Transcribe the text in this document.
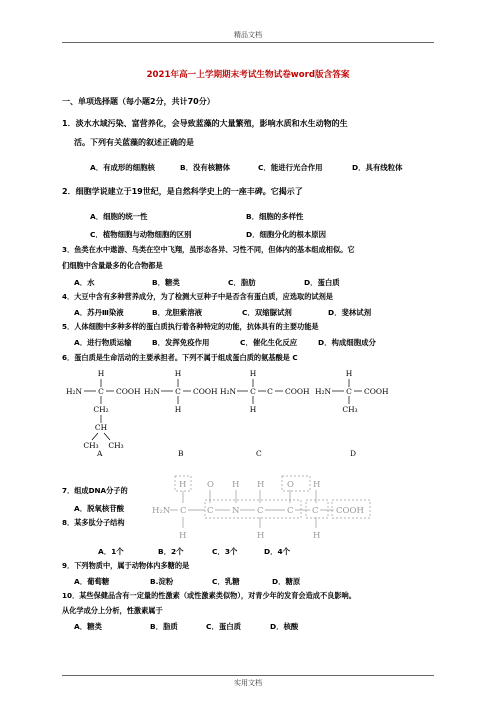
精品文档
2021年高一上学期期末考试生物试卷word版含答案
一、单项选择题（每小题2分，共计70分）
1．淡水水域污染、富营养化，会导致蓝藻的大量繁殖，影响水质和水生动物的生
活。下列有关蓝藻的叙述正确的是
A．有成形的细胞核	B．没有核糖体	C．能进行光合作用	D．具有线粒体
2．细胞学说建立于19世纪，是自然科学史上的一座丰碑。它揭示了
A．细胞的统一性	B．细胞的多样性
C．植物细胞与动物细胞的区别	D．细胞分化的根本原因
3．鱼类在水中遨游、鸟类在空中飞翔，虽形态各异、习性不同，但体内的基本组成相似。它
们细胞中含量最多的化合物都是
A．水	B．糖类	C．脂肪	D．蛋白质
4．大豆中含有多种营养成分，为了检测大豆种子中是否含有蛋白质，应选取的试剂是
A．苏丹Ⅲ染液	B．龙胆紫溶液	C．双缩脲试剂	D．斐林试剂
5．人体细胞中多种多样的蛋白质执行着各种特定的功能，抗体具有的主要功能是
A．进行物质运输	B．发挥免疫作用	C．催化生化反应	D．构成细胞成分
6．蛋白质是生命活动的主要承担者。下列不属于组成蛋白质的氨基酸是 C
H
H₂N C COOH
CH₂
CH
CH₃ CH₃
H
H₂N C COOH
H
H
H₂N C C COOH
H
H
H₂N C COOH
CH₃
A	B	C	D
7．组成DNA分子的
A．脱氧核苷酸
8．某多肽分子结构
H O H H	O H
H₂N C C N C	C C COOH
H	H	H
A．1个	B．2个	C．3个	D．4个
9．下列物质中，属于动物体内多糖的是
A．葡萄糖	B.淀粉	C．乳糖	D．糖原
10．某些保健品含有一定量的性激素（或性激素类似物），对青少年的发育会造成不良影响。
从化学成分上分析，性激素属于
A．糖类	B．脂质	C．蛋白质	D．核酸
实用文档
